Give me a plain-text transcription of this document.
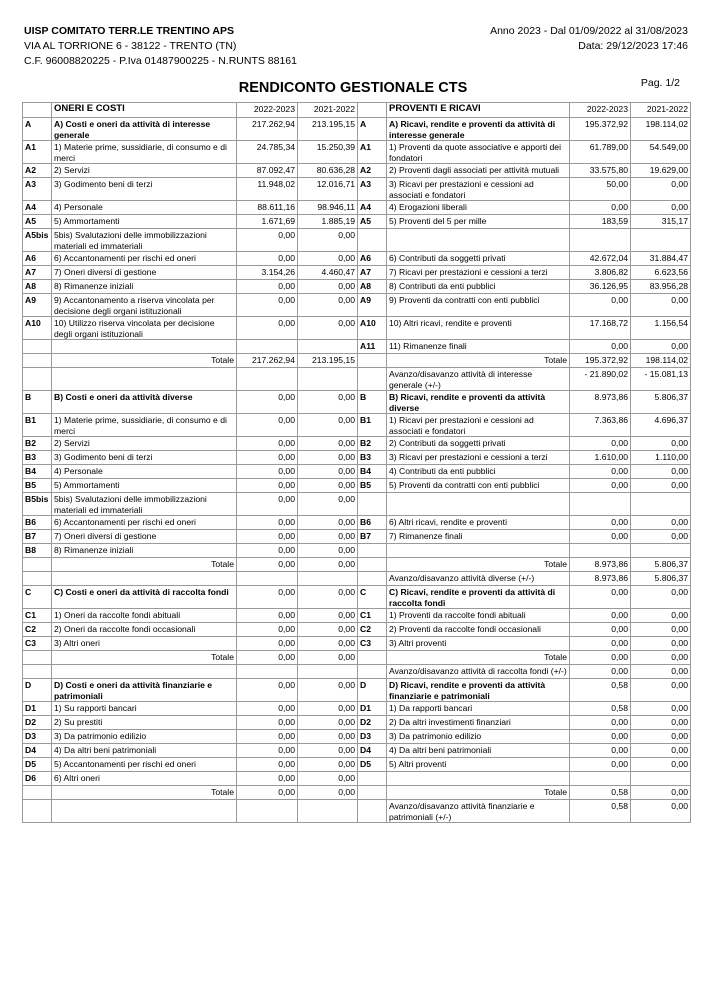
UISP COMITATO TERR.LE TRENTINO APS
VIA AL TORRIONE 6 - 38122 - TRENTO (TN)
C.F. 96008820225 - P.Iva 01487900225 - N.RUNTS 88161
Anno 2023 - Dal 01/09/2022 al 31/08/2023
Data: 29/12/2023 17:46
RENDICONTO GESTIONALE CTS	Pag. 1/2
	ONERI E COSTI	2022-2023	2021-2022		PROVENTI E RICAVI	2022-2023	2021-2022
A	A) Costi e oneri da attività di interesse generale	217.262,94	213.195,15	A	A) Ricavi, rendite e proventi da attività di interesse generale	195.372,92	198.114,02
A1	1) Materie prime, sussidiarie, di consumo e di merci	24.785,34	15.250,39	A1	1) Proventi da quote associative e apporti dei fondatori	61.789,00	54.549,00
A2	2) Servizi	87.092,47	80.636,28	A2	2) Proventi dagli associati per attività mutuali	33.575,80	19.629,00
A3	3) Godimento beni di terzi	11.948,02	12.016,71	A3	3) Ricavi per prestazioni e cessioni ad associati e fondatori	50,00	0,00
A4	4) Personale	88.611,16	98.946,11	A4	4) Erogazioni liberali	0,00	0,00
A5	5) Ammortamenti	1.671,69	1.885,19	A5	5) Proventi del 5 per mille	183,59	315,17
A5bis	5bis) Svalutazioni delle immobilizzazioni materiali ed immateriali	0,00	0,00				
A6	6) Accantonamenti per rischi ed oneri	0,00	0,00	A6	6) Contributi da soggetti privati	42.672,04	31.884,47
A7	7) Oneri diversi di gestione	3.154,26	4.460,47	A7	7) Ricavi per prestazioni e cessioni a terzi	3.806,82	6.623,56
A8	8) Rimanenze iniziali	0,00	0,00	A8	8) Contributi da enti pubblici	36.126,95	83.956,28
A9	9) Accantonamento a riserva vincolata per decisione degli organi istituzionali	0,00	0,00	A9	9) Proventi da contratti con enti pubblici	0,00	0,00
A10	10) Utilizzo riserva vincolata per decisione degli organi istituzionali	0,00	0,00	A10	10) Altri ricavi, rendite e proventi	17.168,72	1.156,54
				A11	11) Rimanenze finali	0,00	0,00
	Totale	217.262,94	213.195,15		Totale	195.372,92	198.114,02
					Avanzo/disavanzo attività di interesse generale (+/-)	- 21.890,02	- 15.081,13
B	B) Costi e oneri da attività diverse	0,00	0,00	B	B) Ricavi, rendite e proventi da attività diverse	8.973,86	5.806,37
B1	1) Materie prime, sussidiarie, di consumo e di merci	0,00	0,00	B1	1) Ricavi per prestazioni e cessioni ad associati e fondatori	7.363,86	4.696,37
B2	2) Servizi	0,00	0,00	B2	2) Contributi da soggetti privati	0,00	0,00
B3	3) Godimento beni di terzi	0,00	0,00	B3	3) Ricavi per prestazioni e cessioni a terzi	1.610,00	1.110,00
B4	4) Personale	0,00	0,00	B4	4) Contributi da enti pubblici	0,00	0,00
B5	5) Ammortamenti	0,00	0,00	B5	5) Proventi da contratti con enti pubblici	0,00	0,00
B5bis	5bis) Svalutazioni delle immobilizzazioni materiali ed immateriali	0,00	0,00				
B6	6) Accantonamenti per rischi ed oneri	0,00	0,00	B6	6) Altri ricavi, rendite e proventi	0,00	0,00
B7	7) Oneri diversi di gestione	0,00	0,00	B7	7) Rimanenze finali	0,00	0,00
B8	8) Rimanenze iniziali	0,00	0,00				
	Totale	0,00	0,00		Totale	8.973,86	5.806,37
					Avanzo/disavanzo attività diverse (+/-)	8.973,86	5.806,37
C	C) Costi e oneri da attività di raccolta fondi	0,00	0,00	C	C) Ricavi, rendite e proventi da attività di raccolta fondi	0,00	0,00
C1	1) Oneri da raccolte fondi abituali	0,00	0,00	C1	1) Proventi da raccolte fondi abituali	0,00	0,00
C2	2) Oneri da raccolte fondi occasionali	0,00	0,00	C2	2) Proventi da raccolte fondi occasionali	0,00	0,00
C3	3) Altri oneri	0,00	0,00	C3	3) Altri proventi	0,00	0,00
	Totale	0,00	0,00		Totale	0,00	0,00
					Avanzo/disavanzo attività di raccolta fondi (+/-)	0,00	0,00
D	D) Costi e oneri da attività finanziarie e patrimoniali	0,00	0,00	D	D) Ricavi, rendite e proventi da attività finanziarie e patrimoniali	0,58	0,00
D1	1) Su rapporti bancari	0,00	0,00	D1	1) Da rapporti bancari	0,58	0,00
D2	2) Su prestiti	0,00	0,00	D2	2) Da altri investimenti finanziari	0,00	0,00
D3	3) Da patrimonio edilizio	0,00	0,00	D3	3) Da patrimonio edilizio	0,00	0,00
D4	4) Da altri beni patrimoniali	0,00	0,00	D4	4) Da altri beni patrimoniali	0,00	0,00
D5	5) Accantonamenti per rischi ed oneri	0,00	0,00	D5	5) Altri proventi	0,00	0,00
D6	6) Altri oneri	0,00	0,00				
	Totale	0,00	0,00		Totale	0,58	0,00
					Avanzo/disavanzo attività finanziarie e patrimoniali (+/-)	0,58	0,00
